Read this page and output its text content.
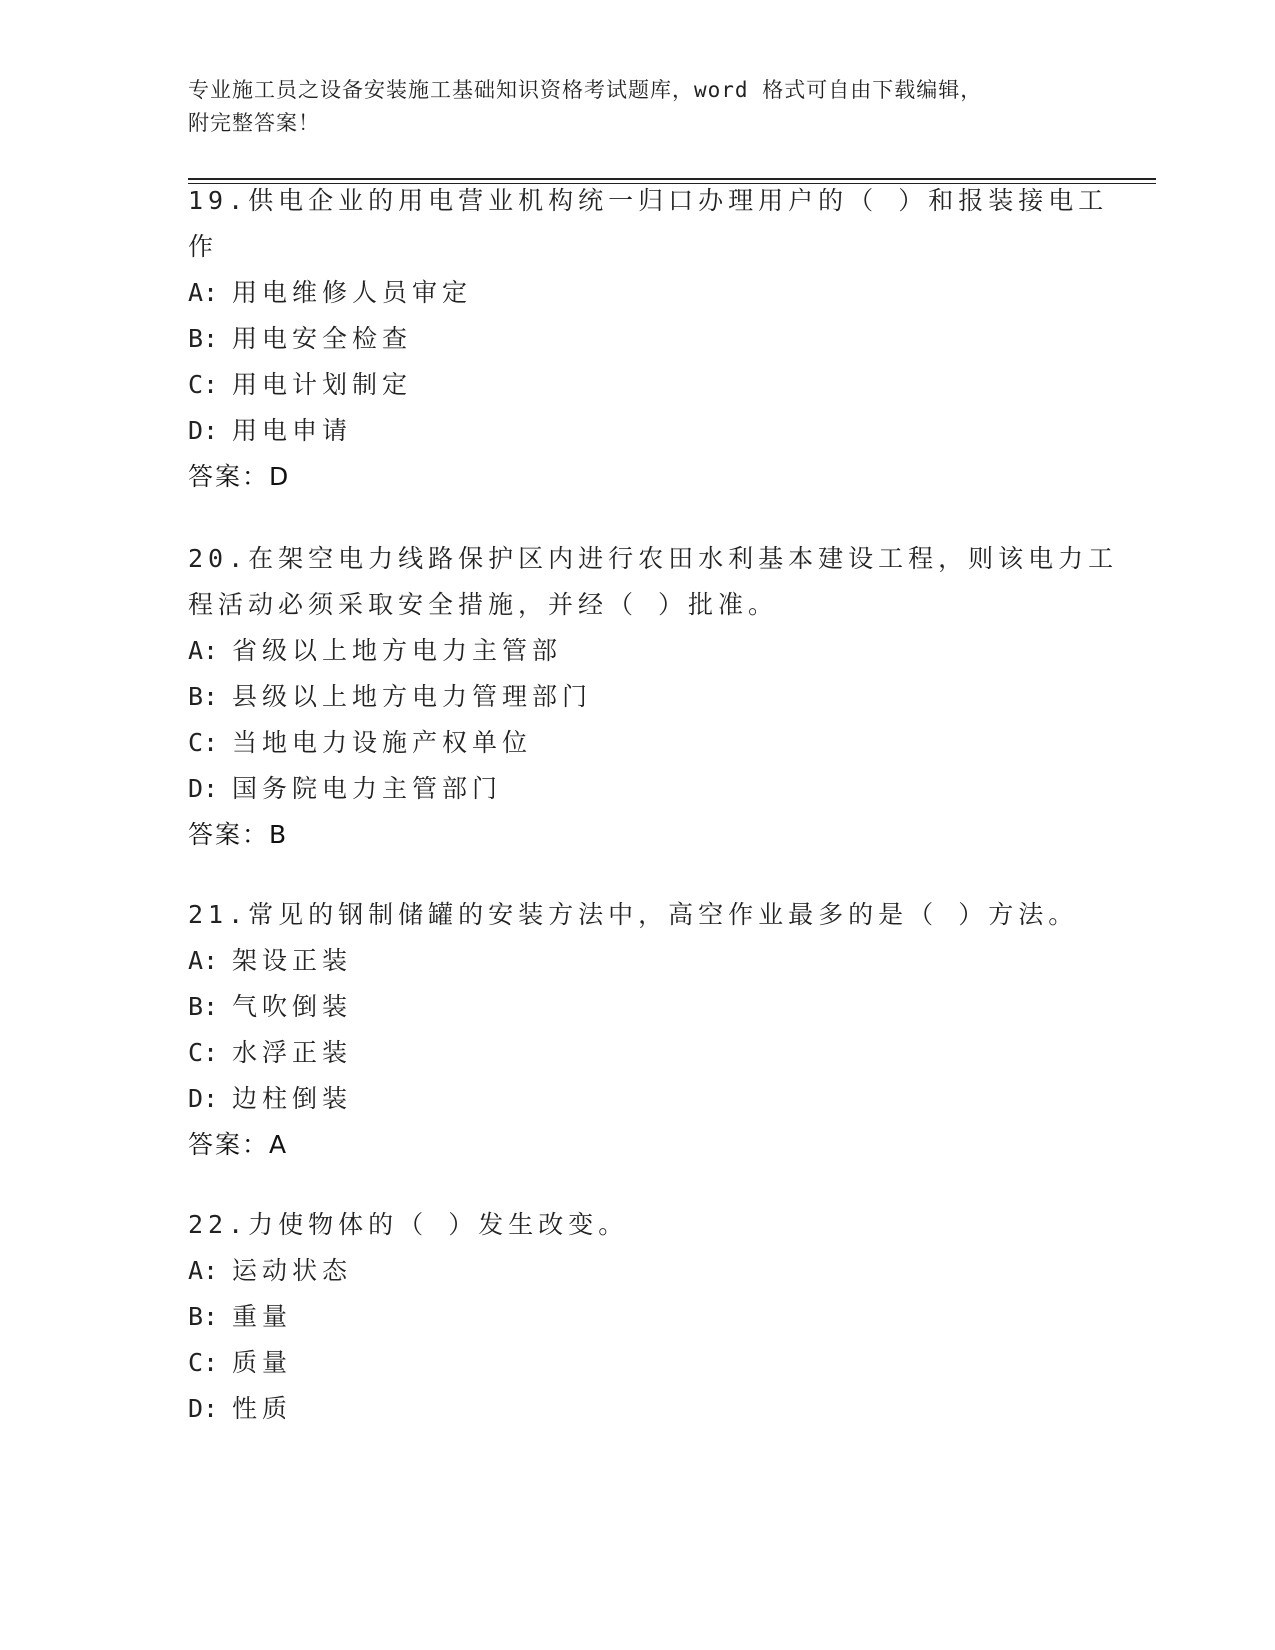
专业施工员之设备安装施工基础知识资格考试题库，word 格式可自由下载编辑，
附完整答案！
19.供电企业的用电营业机构统一归口办理用户的（ ）和报装接电工
作
A: 用电维修人员审定
B: 用电安全检查
C: 用电计划制定
D: 用电申请
答案：D
20.在架空电力线路保护区内进行农田水利基本建设工程，则该电力工
程活动必须采取安全措施，并经（ ）批准。
A: 省级以上地方电力主管部
B: 县级以上地方电力管理部门
C: 当地电力设施产权单位
D: 国务院电力主管部门
答案：B
21.常见的钢制储罐的安装方法中，高空作业最多的是（ ）方法。
A: 架设正装
B: 气吹倒装
C: 水浮正装
D: 边柱倒装
答案：A
22.力使物体的（ ）发生改变。
A: 运动状态
B: 重量
C: 质量
D: 性质
